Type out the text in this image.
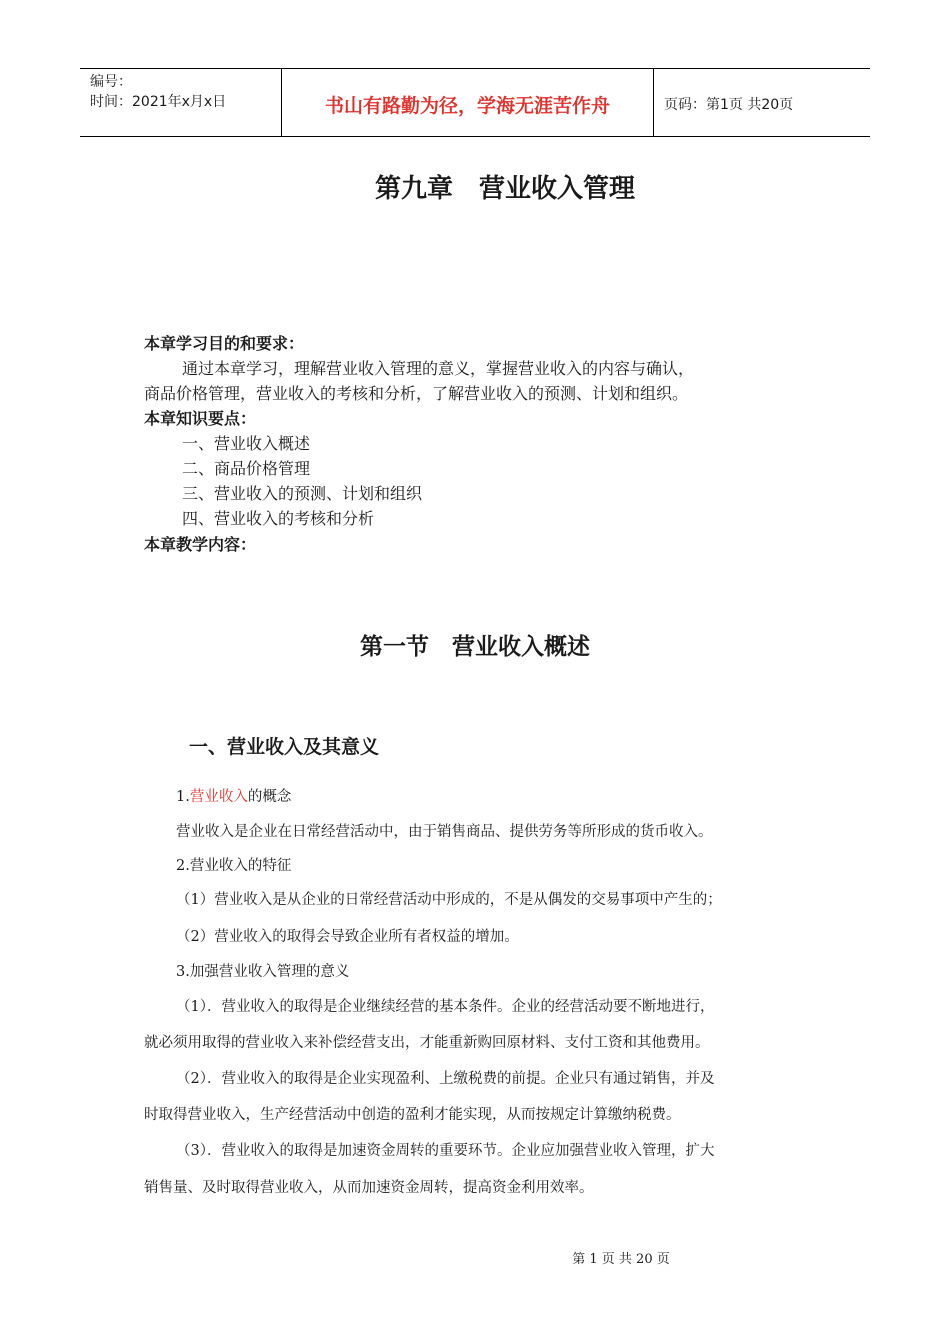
编号：
时间：2021年x月x日	书山有路勤为径，学海无涯苦作舟	页码：第1页 共20页
第九章　营业收入管理
本章学习目的和要求：
通过本章学习，理解营业收入管理的意义，掌握营业收入的内容与确认，
商品价格管理，营业收入的考核和分析，了解营业收入的预测、计划和组织。
本章知识要点：
一、营业收入概述
二、商品价格管理
三、营业收入的预测、计划和组织
四、营业收入的考核和分析
本章教学内容：
第一节　营业收入概述
一、营业收入及其意义
1.营业收入的概念
营业收入是企业在日常经营活动中，由于销售商品、提供劳务等所形成的货币收入。
2.营业收入的特征
（1）营业收入是从企业的日常经营活动中形成的，不是从偶发的交易事项中产生的；
（2）营业收入的取得会导致企业所有者权益的增加。
3.加强营业收入管理的意义
（1）．营业收入的取得是企业继续经营的基本条件。企业的经营活动要不断地进行，
就必须用取得的营业收入来补偿经营支出，才能重新购回原材料、支付工资和其他费用。
（2）．营业收入的取得是企业实现盈利、上缴税费的前提。企业只有通过销售，并及
时取得营业收入，生产经营活动中创造的盈利才能实现，从而按规定计算缴纳税费。
（3）．营业收入的取得是加速资金周转的重要环节。企业应加强营业收入管理，扩大
销售量、及时取得营业收入，从而加速资金周转，提高资金利用效率。
第 1 页 共 20 页
